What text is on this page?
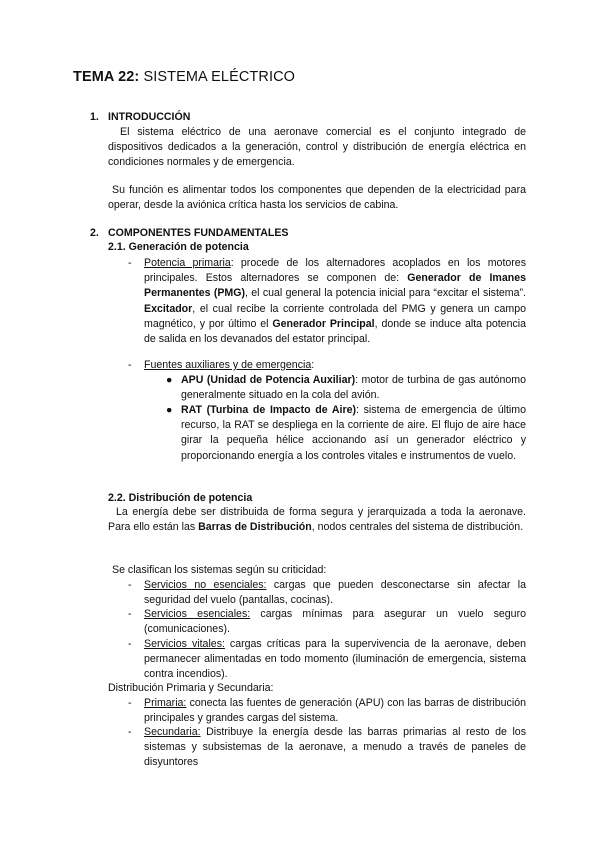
TEMA 22: SISTEMA ELÉCTRICO
1. INTRODUCCIÓN
El sistema eléctrico de una aeronave comercial es el conjunto integrado de dispositivos dedicados a la generación, control y distribución de energía eléctrica en condiciones normales y de emergencia.
Su función es alimentar todos los componentes que dependen de la electricidad para operar, desde la aviónica crítica hasta los servicios de cabina.
2. COMPONENTES FUNDAMENTALES
2.1. Generación de potencia
- Potencia primaria: procede de los alternadores acoplados en los motores principales. Estos alternadores se componen de: Generador de Imanes Permanentes (PMG), el cual general la potencia inicial para “excitar el sistema”. Excitador, el cual recibe la corriente controlada del PMG y genera un campo magnético, y por último el Generador Principal, donde se induce alta potencia de salida en los devanados del estator principal.
- Fuentes auxiliares y de emergencia:
● APU (Unidad de Potencia Auxiliar): motor de turbina de gas autónomo generalmente situado en la cola del avión.
● RAT (Turbina de Impacto de Aire): sistema de emergencia de último recurso, la RAT se despliega en la corriente de aire. El flujo de aire hace girar la pequeña hélice accionando así un generador eléctrico y proporcionando energía a los controles vitales e instrumentos de vuelo.
2.2. Distribución de potencia
La energía debe ser distribuida de forma segura y jerarquizada a toda la aeronave. Para ello están las Barras de Distribución, nodos centrales del sistema de distribución.
Se clasifican los sistemas según su criticidad:
- Servicios no esenciales: cargas que pueden desconectarse sin afectar la seguridad del vuelo (pantallas, cocinas).
- Servicios esenciales: cargas mínimas para asegurar un vuelo seguro (comunicaciones).
- Servicios vitales: cargas críticas para la supervivencia de la aeronave, deben permanecer alimentadas en todo momento (iluminación de emergencia, sistema contra incendios).
Distribución Primaria y Secundaria:
- Primaria: conecta las fuentes de generación (APU) con las barras de distribución principales y grandes cargas del sistema.
- Secundaria: Distribuye la energía desde las barras primarias al resto de los sistemas y subsistemas de la aeronave, a menudo a través de paneles de disyuntores
